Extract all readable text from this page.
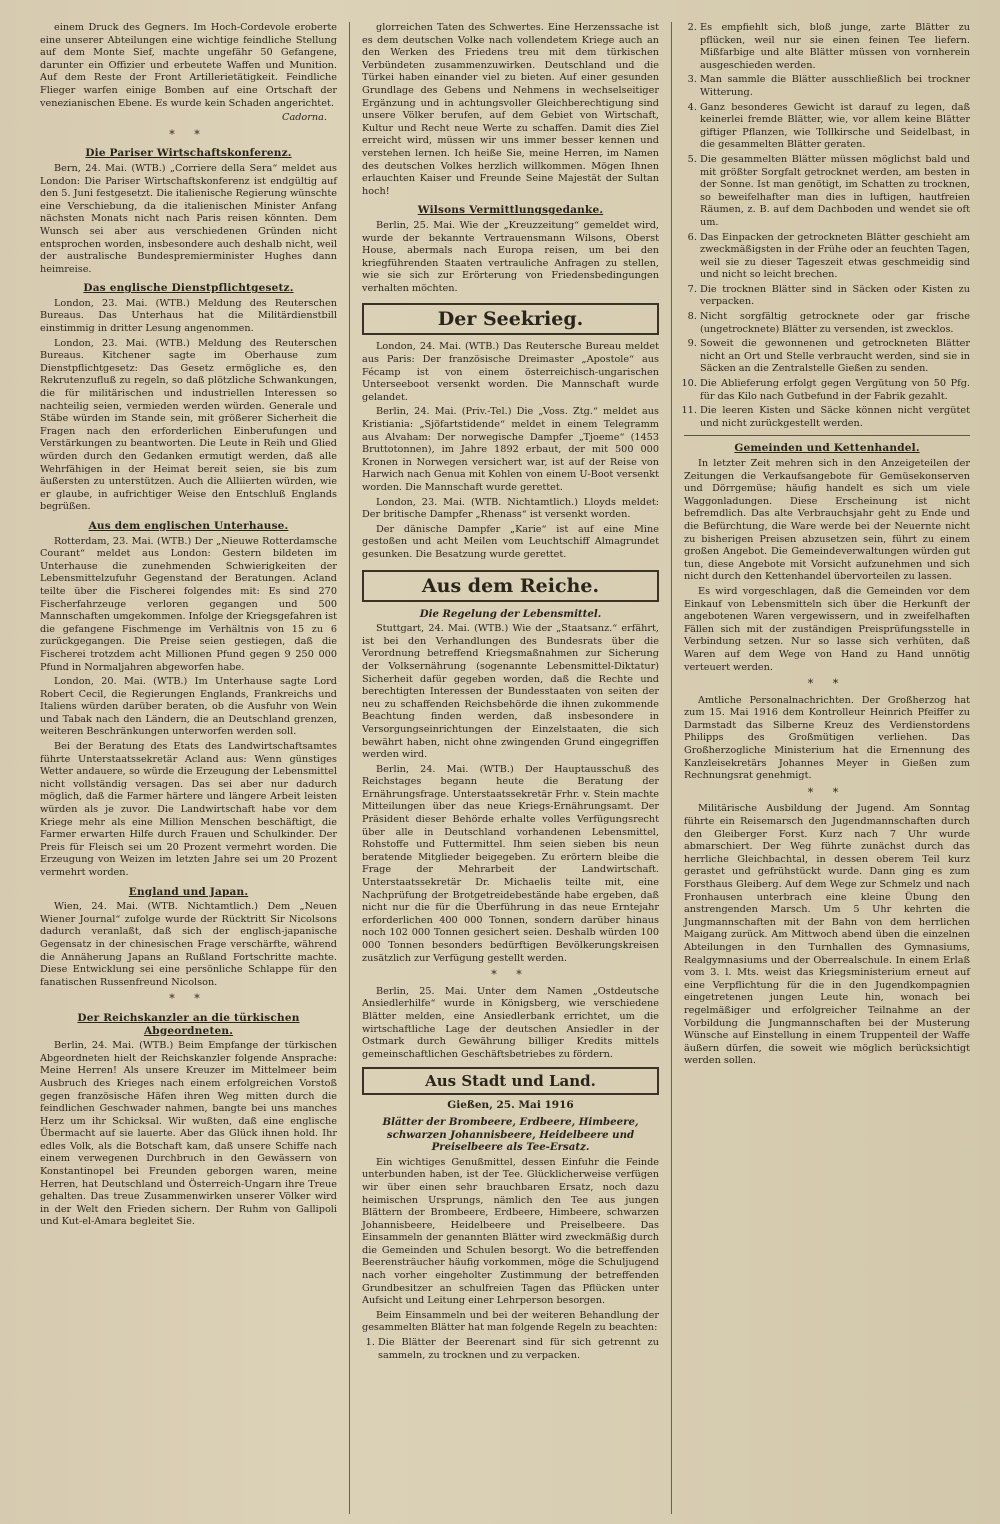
einem Druck des Gegners. Im Hoch-Cordevole eroberte eine unserer Abteilungen eine wichtige feindliche Stellung auf dem Monte Sief, machte ungefähr 50 Gefangene, darunter ein Offizier und erbeutete Waffen und Munition. Auf dem Reste der Front Artillerietätigkeit. Feindliche Flieger warfen einige Bomben auf eine Ortschaft der venezianischen Ebene. Es wurde kein Schaden angerichtet.

Cadorna.
* *
Die Pariser Wirtschaftskonferenz.

Bern, 24. Mai. (WTB.) „Corriere della Sera“ meldet aus London: Die Pariser Wirtschaftskonferenz ist endgültig auf den 5. Juni festgesetzt. Die italienische Regierung wünschte eine Verschiebung, da die italienischen Minister Anfang nächsten Monats nicht nach Paris reisen könnten. Dem Wunsch sei aber aus verschiedenen Gründen nicht entsprochen worden, insbesondere auch deshalb nicht, weil der australische Bundespremierminister Hughes dann heimreise.

Das englische Dienstpflichtgesetz.

London, 23. Mai. (WTB.) Meldung des Reuterschen Bureaus. Das Unterhaus hat die Militärdienstbill einstimmig in dritter Lesung angenommen.

London, 23. Mai. (WTB.) Meldung des Reuterschen Bureaus. Kitchener sagte im Oberhause zum Dienstpflichtgesetz: Das Gesetz ermögliche es, den Rekrutenzufluß zu regeln, so daß plötzliche Schwankungen, die für militärischen und industriellen Interessen so nachteilig seien, vermieden werden würden. Generale und Stäbe würden im Stande sein, mit größerer Sicherheit die Fragen nach den erforderlichen Einberufungen und Verstärkungen zu beantworten. Die Leute in Reih und Glied würden durch den Gedanken ermutigt werden, daß alle Wehrfähigen in der Heimat bereit seien, sie bis zum äußersten zu unterstützen. Auch die Alliierten würden, wie er glaube, in aufrichtiger Weise den Entschluß Englands begrüßen.

Aus dem englischen Unterhause.

Rotterdam, 23. Mai. (WTB.) Der „Nieuwe Rotterdamsche Courant“ meldet aus London: Gestern bildeten im Unterhause die zunehmenden Schwierigkeiten der Lebensmittelzufuhr Gegenstand der Beratungen. Acland teilte über die Fischerei folgendes mit: Es sind 270 Fischerfahrzeuge verloren gegangen und 500 Mannschaften umgekommen. Infolge der Kriegsgefahren ist die gefangene Fischmenge im Verhältnis von 15 zu 6 zurückgegangen. Die Preise seien gestiegen, daß die Fischerei trotzdem acht Millionen Pfund gegen 9 250 000 Pfund in Normaljahren abgeworfen habe.

London, 20. Mai. (WTB.) Im Unterhause sagte Lord Robert Cecil, die Regierungen Englands, Frankreichs und Italiens würden darüber beraten, ob die Ausfuhr von Wein und Tabak nach den Ländern, die an Deutschland grenzen, weiteren Beschränkungen unterworfen werden soll.

Bei der Beratung des Etats des Landwirtschaftsamtes führte Unterstaatssekretär Acland aus: Wenn günstiges Wetter andauere, so würde die Erzeugung der Lebensmittel nicht vollständig versagen. Das sei aber nur dadurch möglich, daß die Farmer härtere und längere Arbeit leisten würden als je zuvor. Die Landwirtschaft habe vor dem Kriege mehr als eine Million Menschen beschäftigt, die Farmer erwarten Hilfe durch Frauen und Schulkinder. Der Preis für Fleisch sei um 20 Prozent vermehrt worden. Die Erzeugung von Weizen im letzten Jahre sei um 20 Prozent vermehrt worden.

England und Japan.

Wien, 24. Mai. (WTB. Nichtamtlich.) Dem „Neuen Wiener Journal“ zufolge wurde der Rücktritt Sir Nicolsons dadurch veranlaßt, daß sich der englisch-japanische Gegensatz in der chinesischen Frage verschärfte, während die Annäherung Japans an Rußland Fortschritte machte. Diese Entwicklung sei eine persönliche Schlappe für den fanatischen Russenfreund Nicolson.

* *
Der Reichskanzler an die türkischen Abgeordneten.

Berlin, 24. Mai. (WTB.) Beim Empfange der türkischen Abgeordneten hielt der Reichskanzler folgende Ansprache: Meine Herren! Als unsere Kreuzer im Mittelmeer beim Ausbruch des Krieges nach einem erfolgreichen Vorstoß gegen französische Häfen ihren Weg mitten durch die feindlichen Geschwader nahmen, bangte bei uns manches Herz um ihr Schicksal. Wir wußten, daß eine englische Übermacht auf sie lauerte. Aber das Glück ihnen hold. Ihr edles Volk, als die Botschaft kam, daß unsere Schiffe nach einem verwegenen Durchbruch in den Gewässern von Konstantinopel bei Freunden geborgen waren, meine Herren, hat Deutschland und Österreich-Ungarn ihre Treue gehalten. Das treue Zusammenwirken unserer Völker wird in der Welt den Frieden sichern. Der Ruhm von Gallipoli und Kut-el-Amara begleitet Sie.

glorreichen Taten des Schwertes. Eine Herzenssache ist es dem deutschen Volke nach vollendetem Kriege auch an den Werken des Friedens treu mit dem türkischen Verbündeten zusammenzuwirken. Deutschland und die Türkei haben einander viel zu bieten. Auf einer gesunden Grundlage des Gebens und Nehmens in wechselseitiger Ergänzung und in achtungsvoller Gleichberechtigung sind unsere Völker berufen, auf dem Gebiet von Wirtschaft, Kultur und Recht neue Werte zu schaffen. Damit dies Ziel erreicht wird, müssen wir uns immer besser kennen und verstehen lernen. Ich heiße Sie, meine Herren, im Namen des deutschen Volkes herzlich willkommen. Mögen Ihnen erlauchten Kaiser und Freunde Seine Majestät der Sultan hoch!

Wilsons Vermittlungsgedanke.

Berlin, 25. Mai. Wie der „Kreuzzeitung“ gemeldet wird, wurde der bekannte Vertrauensmann Wilsons, Oberst House, abermals nach Europa reisen, um bei den kriegführenden Staaten vertrauliche Anfragen zu stellen, wie sie sich zur Erörterung von Friedensbedingungen verhalten möchten.

Der Seekrieg.

London, 24. Mai. (WTB.) Das Reutersche Bureau meldet aus Paris: Der französische Dreimaster „Apostole“ aus Fécamp ist von einem österreichisch-ungarischen Unterseeboot versenkt worden. Die Mannschaft wurde gelandet.

Berlin, 24. Mai. (Priv.-Tel.) Die „Voss. Ztg.“ meldet aus Kristiania: „Sjöfartstidende“ meldet in einem Telegramm aus Alvaham: Der norwegische Dampfer „Tjoeme“ (1453 Bruttotonnen), im Jahre 1892 erbaut, der mit 500 000 Kronen in Norwegen versichert war, ist auf der Reise von Harwich nach Genua mit Kohlen von einem U-Boot versenkt worden. Die Mannschaft wurde gerettet.

London, 23. Mai. (WTB. Nichtamtlich.) Lloyds meldet: Der britische Dampfer „Rhenass“ ist versenkt worden.

Der dänische Dampfer „Karie“ ist auf eine Mine gestoßen und acht Meilen vom Leuchtschiff Almagrundet gesunken. Die Besatzung wurde gerettet.

Aus dem Reiche.
Die Regelung der Lebensmittel.

Stuttgart, 24. Mai. (WTB.) Wie der „Staatsanz.“ erfährt, ist bei den Verhandlungen des Bundesrats über die Verordnung betreffend Kriegsmaßnahmen zur Sicherung der Volksernährung (sogenannte Lebensmittel-Diktatur) Sicherheit dafür gegeben worden, daß die Rechte und berechtigten Interessen der Bundesstaaten von seiten der neu zu schaffenden Reichsbehörde die ihnen zukommende Beachtung finden werden, daß insbesondere in Versorgungseinrichtungen der Einzelstaaten, die sich bewährt haben, nicht ohne zwingenden Grund eingegriffen werden wird.

Berlin, 24. Mai. (WTB.) Der Hauptausschuß des Reichstages begann heute die Beratung der Ernährungsfrage. Unterstaatssekretär Frhr. v. Stein machte Mitteilungen über das neue Kriegs-Ernährungsamt. Der Präsident dieser Behörde erhalte volles Verfügungsrecht über alle in Deutschland vorhandenen Lebensmittel, Rohstoffe und Futtermittel. Ihm seien sieben bis neun beratende Mitglieder beigegeben. Zu erörtern bleibe die Frage der Mehrarbeit der Landwirtschaft. Unterstaatssekretär Dr. Michaelis teilte mit, eine Nachprüfung der Brotgetreidebestände habe ergeben, daß nicht nur die für die Überführung in das neue Erntejahr erforderlichen 400 000 Tonnen, sondern darüber hinaus noch 102 000 Tonnen gesichert seien. Deshalb würden 100 000 Tonnen besonders bedürftigen Bevölkerungskreisen zusätzlich zur Verfügung gestellt werden.

* *

Berlin, 25. Mai. Unter dem Namen „Ostdeutsche Ansiedlerhilfe“ wurde in Königsberg, wie verschiedene Blätter melden, eine Ansiedlerbank errichtet, um die wirtschaftliche Lage der deutschen Ansiedler in der Ostmark durch Gewährung billiger Kredits mittels gemeinschaftlichen Geschäftsbetriebes zu fördern.

Aus Stadt und Land.
Gießen, 25. Mai 1916
Blätter der Brombeere, Erdbeere, Himbeere, schwarzen Johannisbeere, Heidelbeere und Preiselbeere als Tee-Ersatz.

Ein wichtiges Genußmittel, dessen Einfuhr die Feinde unterbunden haben, ist der Tee. Glücklicherweise verfügen wir über einen sehr brauchbaren Ersatz, noch dazu heimischen Ursprungs, nämlich den Tee aus jungen Blättern der Brombeere, Erdbeere, Himbeere, schwarzen Johannisbeere, Heidelbeere und Preiselbeere. Das Einsammeln der genannten Blätter wird zweckmäßig durch die Gemeinden und Schulen besorgt. Wo die betreffenden Beerensträucher häufig vorkommen, möge die Schuljugend nach vorher eingeholter Zustimmung der betreffenden Grundbesitzer an schulfreien Tagen das Pflücken unter Aufsicht und Leitung einer Lehrperson besorgen.

Beim Einsammeln und bei der weiteren Behandlung der gesammelten Blätter hat man folgende Regeln zu beachten:

1. Die Blätter der Beerenart sind für sich getrennt zu sammeln, zu trocknen und zu verpacken.
2. Es empfiehlt sich, bloß junge, zarte Blätter zu pflücken, weil nur sie einen feinen Tee liefern. Mißfarbige und alte Blätter müssen von vornherein ausgeschieden werden.
3. Man sammle die Blätter ausschließlich bei trockner Witterung.
4. Ganz besonderes Gewicht ist darauf zu legen, daß keinerlei fremde Blätter, wie, vor allem keine Blätter giftiger Pflanzen, wie Tollkirsche und Seidelbast, in die gesammelten Blätter geraten.
5. Die gesammelten Blätter müssen möglichst bald und mit größter Sorgfalt getrocknet werden, am besten in der Sonne. Ist man genötigt, im Schatten zu trocknen, so beweifelhafter man dies in luftigen, hautfreien Räumen, z. B. auf dem Dachboden und wendet sie oft um.
6. Das Einpacken der getrockneten Blätter geschieht am zweckmäßigsten in der Frühe oder an feuchten Tagen, weil sie zu dieser Tageszeit etwas geschmeidig sind und nicht so leicht brechen.
7. Die trocknen Blätter sind in Säcken oder Kisten zu verpacken.
8. Nicht sorgfältig getrocknete oder gar frische (ungetrocknete) Blätter zu versenden, ist zwecklos.
9. Soweit die gewonnenen und getrockneten Blätter nicht an Ort und Stelle verbraucht werden, sind sie in Säcken an die Zentralstelle Gießen zu senden.
10. Die Ablieferung erfolgt gegen Vergütung von 50 Pfg. für das Kilo nach Gutbefund in der Fabrik gezahlt.
11. Die leeren Kisten und Säcke können nicht vergütet und nicht zurückgestellt werden.
Gemeinden und Kettenhandel.

In letzter Zeit mehren sich in den Anzeigeteilen der Zeitungen die Verkaufsangebote für Gemüsekonserven und Dörrgemüse; häufig handelt es sich um viele Waggonladungen. Diese Erscheinung ist nicht befremdlich. Das alte Verbrauchsjahr geht zu Ende und die Befürchtung, die Ware werde bei der Neuernte nicht zu bisherigen Preisen abzusetzen sein, führt zu einem großen Angebot. Die Gemeindeverwaltungen würden gut tun, diese Angebote mit Vorsicht aufzunehmen und sich nicht durch den Kettenhandel übervorteilen zu lassen.

Es wird vorgeschlagen, daß die Gemeinden vor dem Einkauf von Lebensmitteln sich über die Herkunft der angebotenen Waren vergewissern, und in zweifelhaften Fällen sich mit der zuständigen Preisprüfungsstelle in Verbindung setzen. Nur so lasse sich verhüten, daß Waren auf dem Wege von Hand zu Hand unnötig verteuert werden.

* *

Amtliche Personalnachrichten. Der Großherzog hat zum 15. Mai 1916 dem Kontrolleur Heinrich Pfeiffer zu Darmstadt das Silberne Kreuz des Verdienstordens Philipps des Großmütigen verliehen. Das Großherzogliche Ministerium hat die Ernennung des Kanzleisekretärs Johannes Meyer in Gießen zum Rechnungsrat genehmigt.

* *

Militärische Ausbildung der Jugend. Am Sonntag führte ein Reisemarsch den Jugendmannschaften durch den Gleiberger Forst. Kurz nach 7 Uhr wurde abmarschiert. Der Weg führte zunächst durch das herrliche Gleichbachtal, in dessen oberem Teil kurz gerastet und gefrühstückt wurde. Dann ging es zum Forsthaus Gleiberg. Auf dem Wege zur Schmelz und nach Fronhausen unterbrach eine kleine Übung den anstrengenden Marsch. Um 5 Uhr kehrten die Jungmannschaften mit der Bahn von dem herrlichen Maigang zurück. Am Mittwoch abend üben die einzelnen Abteilungen in den Turnhallen des Gymnasiums, Realgymnasiums und der Oberrealschule. In einem Erlaß vom 3. l. Mts. weist das Kriegsministerium erneut auf eine Verpflichtung für die in den Jugendkompagnien eingetretenen jungen Leute hin, wonach bei regelmäßiger und erfolgreicher Teilnahme an der Vorbildung die Jungmannschaften bei der Musterung Wünsche auf Einstellung in einem Truppenteil der Waffe äußern dürfen, die soweit wie möglich berücksichtigt werden sollen.
